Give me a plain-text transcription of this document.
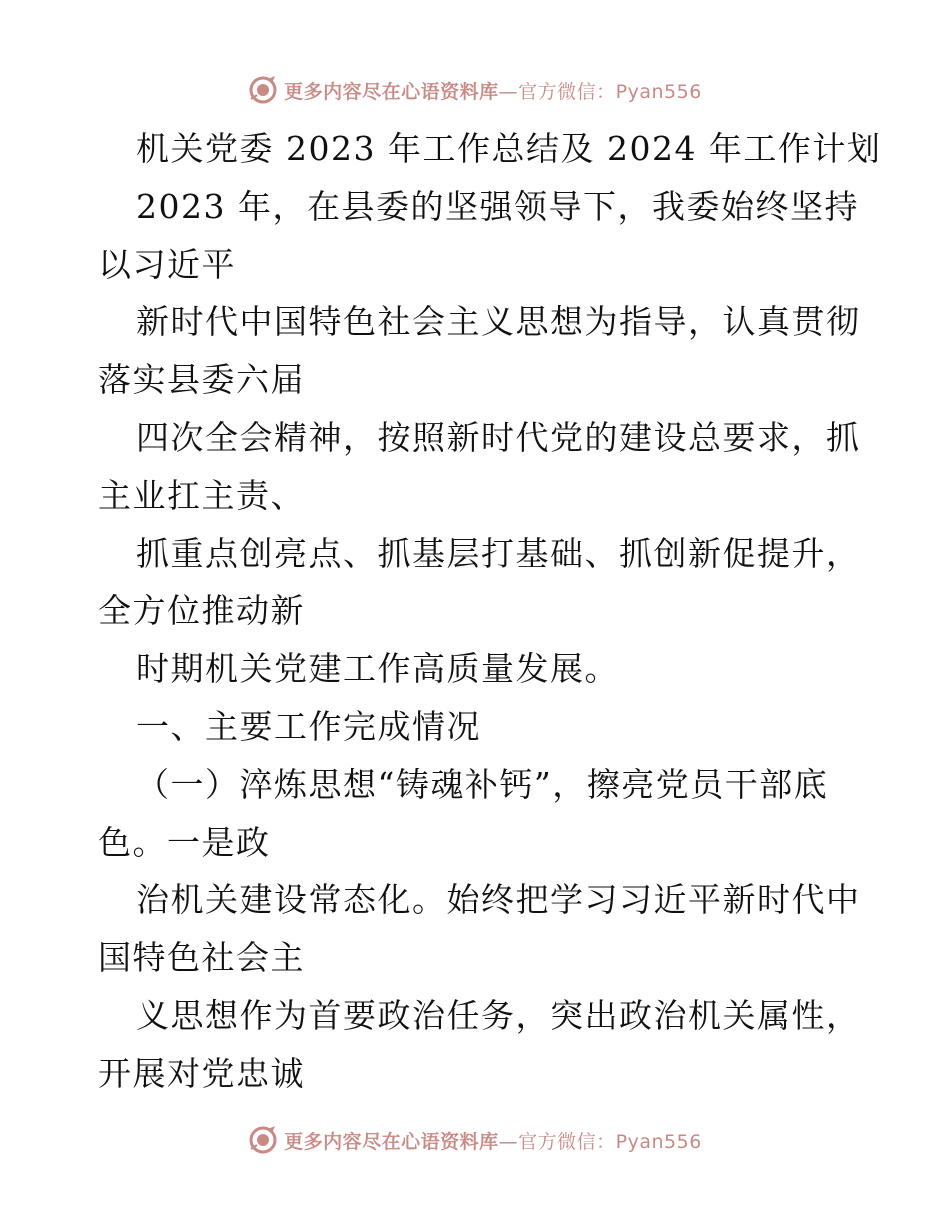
更多内容尽在心语资料库—官方微信：Pyan556
机关党委 2023 年工作总结及 2024 年工作计划
2023 年，在县委的坚强领导下，我委始终坚持
以习近平
新时代中国特色社会主义思想为指导，认真贯彻
落实县委六届
四次全会精神，按照新时代党的建设总要求，抓
主业扛主责、
抓重点创亮点、抓基层打基础、抓创新促提升，
全方位推动新
时期机关党建工作高质量发展。
一、主要工作完成情况
（一）淬炼思想“铸魂补钙”，擦亮党员干部底
色。一是政
治机关建设常态化。始终把学习习近平新时代中
国特色社会主
义思想作为首要政治任务，突出政治机关属性，
开展对党忠诚
更多内容尽在心语资料库—官方微信：Pyan556
